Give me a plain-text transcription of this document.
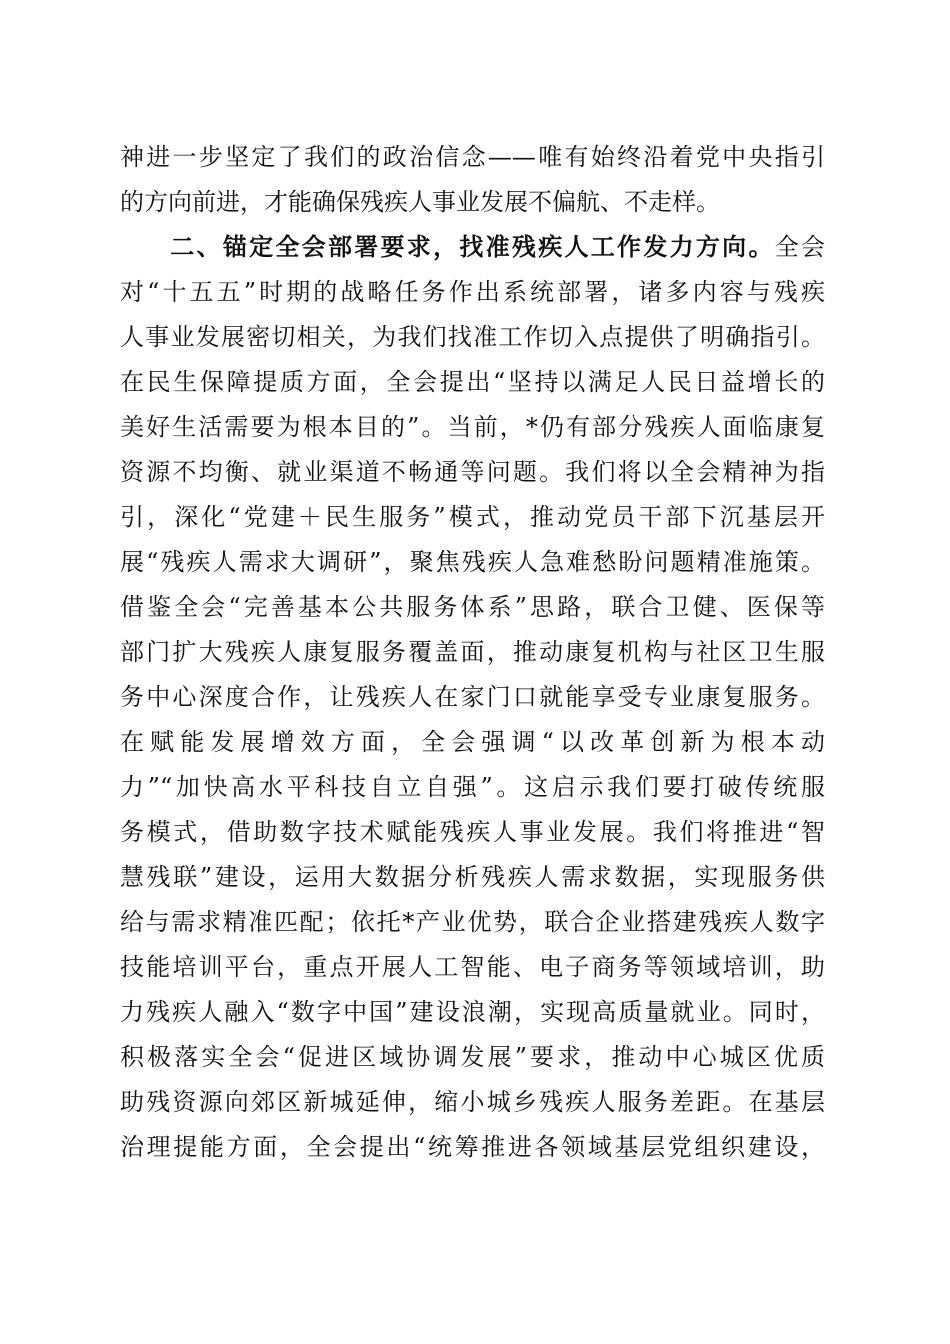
神进一步坚定了我们的政治信念——唯有始终沿着党中央指引
的方向前进，才能确保残疾人事业发展不偏航、不走样。
二、锚定全会部署要求，找准残疾人工作发力方向。全会
对“十五五”时期的战略任务作出系统部署，诸多内容与残疾
人事业发展密切相关，为我们找准工作切入点提供了明确指引。
在民生保障提质方面，全会提出“坚持以满足人民日益增长的
美好生活需要为根本目的”。当前，*仍有部分残疾人面临康复
资源不均衡、就业渠道不畅通等问题。我们将以全会精神为指
引，深化“党建＋民生服务”模式，推动党员干部下沉基层开
展“残疾人需求大调研”，聚焦残疾人急难愁盼问题精准施策。
借鉴全会“完善基本公共服务体系”思路，联合卫健、医保等
部门扩大残疾人康复服务覆盖面，推动康复机构与社区卫生服
务中心深度合作，让残疾人在家门口就能享受专业康复服务。
在赋能发展增效方面，全会强调“以改革创新为根本动
力”“加快高水平科技自立自强”。这启示我们要打破传统服
务模式，借助数字技术赋能残疾人事业发展。我们将推进“智
慧残联”建设，运用大数据分析残疾人需求数据，实现服务供
给与需求精准匹配；依托*产业优势，联合企业搭建残疾人数字
技能培训平台，重点开展人工智能、电子商务等领域培训，助
力残疾人融入“数字中国”建设浪潮，实现高质量就业。同时，
积极落实全会“促进区域协调发展”要求，推动中心城区优质
助残资源向郊区新城延伸，缩小城乡残疾人服务差距。在基层
治理提能方面，全会提出“统筹推进各领域基层党组织建设，
